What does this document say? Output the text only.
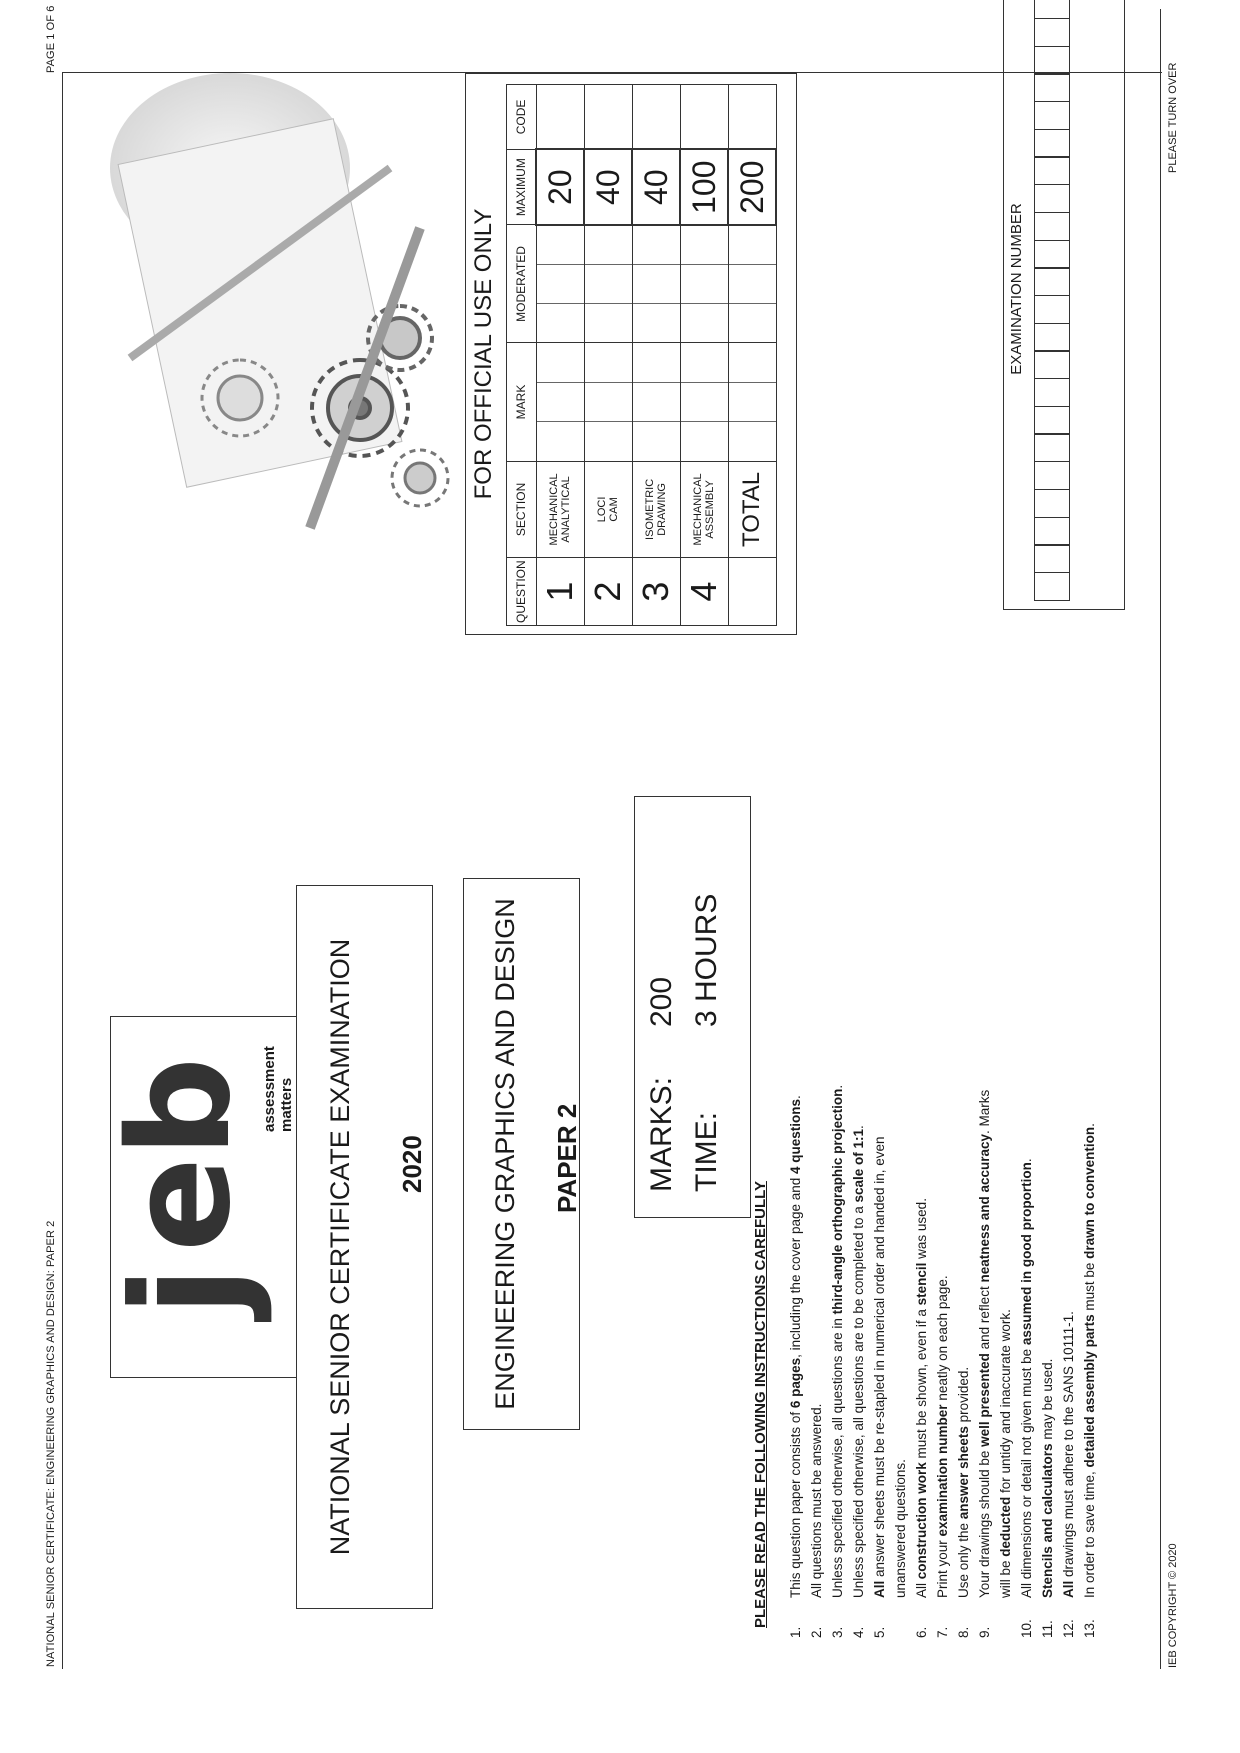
NATIONAL SENIOR CERTIFICATE: ENGINEERING GRAPHICS AND DESIGN: PAPER 2
PAGE 1 OF 6
j
eb assessment matters NATIONAL SENIOR CERTIFICATE EXAMINATION 2020 ENGINEERING GRAPHICS AND DESIGN PAPER 2 MARKS:
200
TIME:
3 HOURS
PLEASE READ THE FOLLOWING INSTRUCTIONS CAREFULLY
1.
This question paper consists of 6 pages, including the cover page and 4 questions.
2.
All questions must be answered.
3.
Unless specified otherwise, all questions are in third-angle orthographic projection.
4.
Unless specified otherwise, all questions are to be completed to a scale of 1:1.
5.
All answer sheets must be re-stapled in numerical order and handed in, even unanswered questions.
6.
All construction work must be shown, even if a stencil was used.
7.
Print your examination number neatly on each page.
8.
Use only the answer sheets provided.
9.
Your drawings should be well presented and reflect neatness and accuracy. Marks
will be deducted for untidy and inaccurate work.
10.
All dimensions or detail not given must be assumed in good proportion.
11.
Stencils and calculators may be used.
12.
All drawings must adhere to the SANS 10111-1.
13.
In order to save time, detailed assembly parts must be drawn to convention.
FOR OFFICIAL USE ONLY
QUESTION	SECTION	MARK	MODERATED	MAXIMUM	CODE
1	MECHANICAL ANALYTICAL			20	
2	LOCI CAM			40	
3	ISOMETRIC DRAWING			40	
4	MECHANICAL ASSEMBLY			100	
	TOTAL			200	
EXAMINATION NUMBER
IEB COPYRIGHT © 2020
PLEASE TURN OVER
